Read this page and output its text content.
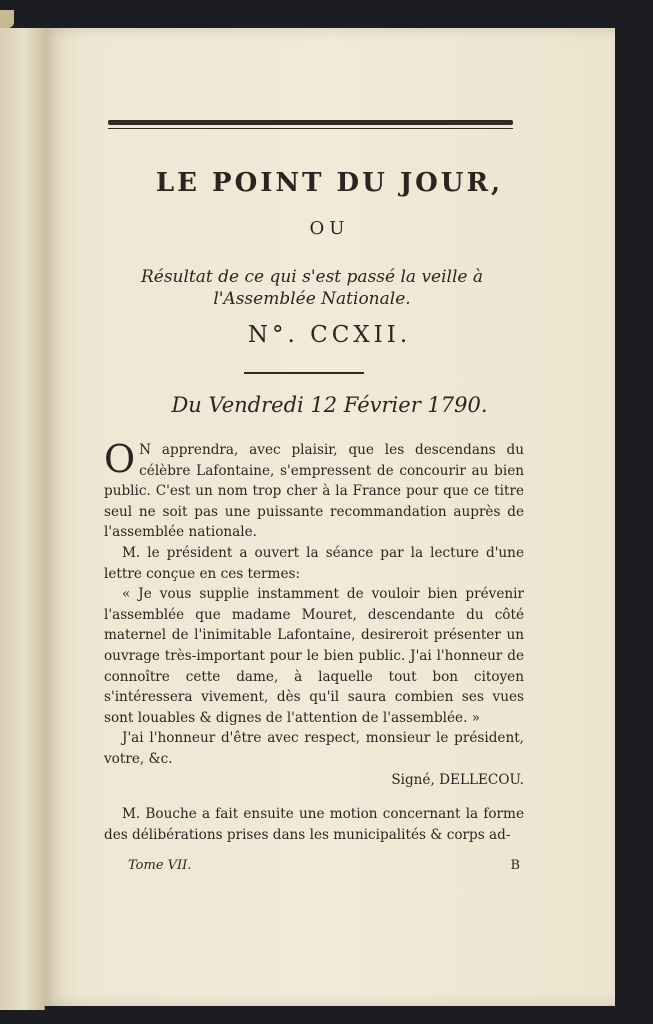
LE POINT DU JOUR,
OU
Résultat de ce qui s'est passé la veille à
l'Assemblée Nationale.
N°. CCXII.
Du Vendredi 12 Février 1790.

O N apprendra, avec plaisir, que les descendans du célèbre Lafontaine, s'empressent de concourir au bien public. C'est un nom trop cher à la France pour que ce titre seul ne soit pas une puissante recommandation auprès de l'assemblée nationale.

M. le président a ouvert la séance par la lecture d'une lettre conçue en ces termes:

« Je vous supplie instamment de vouloir bien prévenir l'assemblée que madame Mouret, descendante du côté maternel de l'inimitable Lafontaine, desireroit présenter un ouvrage très-important pour le bien public. J'ai l'honneur de connoître cette dame, à laquelle tout bon citoyen s'intéressera vivement, dès qu'il saura combien ses vues sont louables & dignes de l'attention de l'assemblée. »

J'ai l'honneur d'être avec respect, monsieur le président, votre, &c.

Signé, DELLECOU.

M. Bouche a fait ensuite une motion concernant la forme des délibérations prises dans les municipalités & corps ad-

Tome VII.	B
